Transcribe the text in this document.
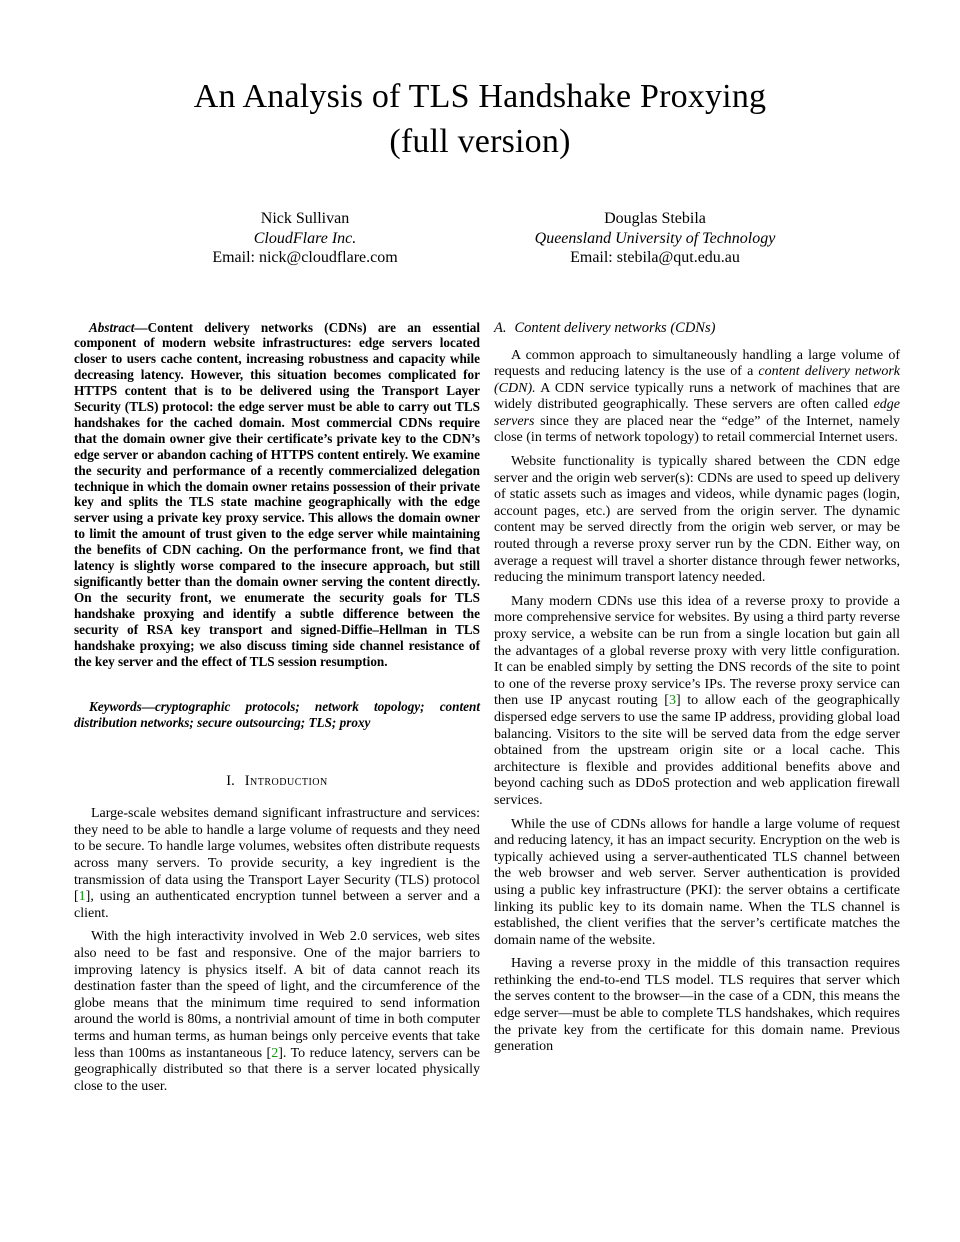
An Analysis of TLS Handshake Proxying
(full version)
Nick Sullivan
CloudFlare Inc.
Email: nick@cloudflare.com
Douglas Stebila
Queensland University of Technology
Email: stebila@qut.edu.au

Abstract—Content delivery networks (CDNs) are an essential component of modern website infrastructures: edge servers located closer to users cache content, increasing robustness and capacity while decreasing latency. However, this situation becomes complicated for HTTPS content that is to be delivered using the Transport Layer Security (TLS) protocol: the edge server must be able to carry out TLS handshakes for the cached domain. Most commercial CDNs require that the domain owner give their certificate’s private key to the CDN’s edge server or abandon caching of HTTPS content entirely. We examine the security and performance of a recently commercialized delegation technique in which the domain owner retains possession of their private key and splits the TLS state machine geographically with the edge server using a private key proxy service. This allows the domain owner to limit the amount of trust given to the edge server while maintaining the benefits of CDN caching. On the performance front, we find that latency is slightly worse compared to the insecure approach, but still significantly better than the domain owner serving the content directly. On the security front, we enumerate the security goals for TLS handshake proxying and identify a subtle difference between the security of RSA key transport and signed-Diffie–Hellman in TLS handshake proxying; we also discuss timing side channel resistance of the key server and the effect of TLS session resumption.

Keywords—cryptographic protocols; network topology; content distribution networks; secure outsourcing; TLS; proxy

I. Introduction

Large-scale websites demand significant infrastructure and services: they need to be able to handle a large volume of requests and they need to be secure. To handle large volumes, websites often distribute requests across many servers. To provide security, a key ingredient is the transmission of data using the Transport Layer Security (TLS) protocol [1], using an authenticated encryption tunnel between a server and a client.

With the high interactivity involved in Web 2.0 services, web sites also need to be fast and responsive. One of the major barriers to improving latency is physics itself. A bit of data cannot reach its destination faster than the speed of light, and the circumference of the globe means that the minimum time required to send information around the world is 80ms, a nontrivial amount of time in both computer terms and human terms, as human beings only perceive events that take less than 100ms as instantaneous [2]. To reduce latency, servers can be geographically distributed so that there is a server located physically close to the user.

A. Content delivery networks (CDNs)

A common approach to simultaneously handling a large volume of requests and reducing latency is the use of a content delivery network (CDN). A CDN service typically runs a network of machines that are widely distributed geographically. These servers are often called edge servers since they are placed near the “edge” of the Internet, namely close (in terms of network topology) to retail commercial Internet users.

Website functionality is typically shared between the CDN edge server and the origin web server(s): CDNs are used to speed up delivery of static assets such as images and videos, while dynamic pages (login, account pages, etc.) are served from the origin server. The dynamic content may be served directly from the origin web server, or may be routed through a reverse proxy server run by the CDN. Either way, on average a request will travel a shorter distance through fewer networks, reducing the minimum transport latency needed.

Many modern CDNs use this idea of a reverse proxy to provide a more comprehensive service for websites. By using a third party reverse proxy service, a website can be run from a single location but gain all the advantages of a global reverse proxy with very little configuration. It can be enabled simply by setting the DNS records of the site to point to one of the reverse proxy service’s IPs. The reverse proxy service can then use IP anycast routing [3] to allow each of the geographically dispersed edge servers to use the same IP address, providing global load balancing. Visitors to the site will be served data from the edge server obtained from the upstream origin site or a local cache. This architecture is flexible and provides additional benefits above and beyond caching such as DDoS protection and web application firewall services.

While the use of CDNs allows for handle a large volume of request and reducing latency, it has an impact security. Encryption on the web is typically achieved using a server-authenticated TLS channel between the web browser and web server. Server authentication is provided using a public key infrastructure (PKI): the server obtains a certificate linking its public key to its domain name. When the TLS channel is established, the client verifies that the server’s certificate matches the domain name of the website.

Having a reverse proxy in the middle of this transaction requires rethinking the end-to-end TLS model. TLS requires that server which the serves content to the browser—in the case of a CDN, this means the edge server—must be able to complete TLS handshakes, which requires the private key from the certificate for this domain name. Previous generation
